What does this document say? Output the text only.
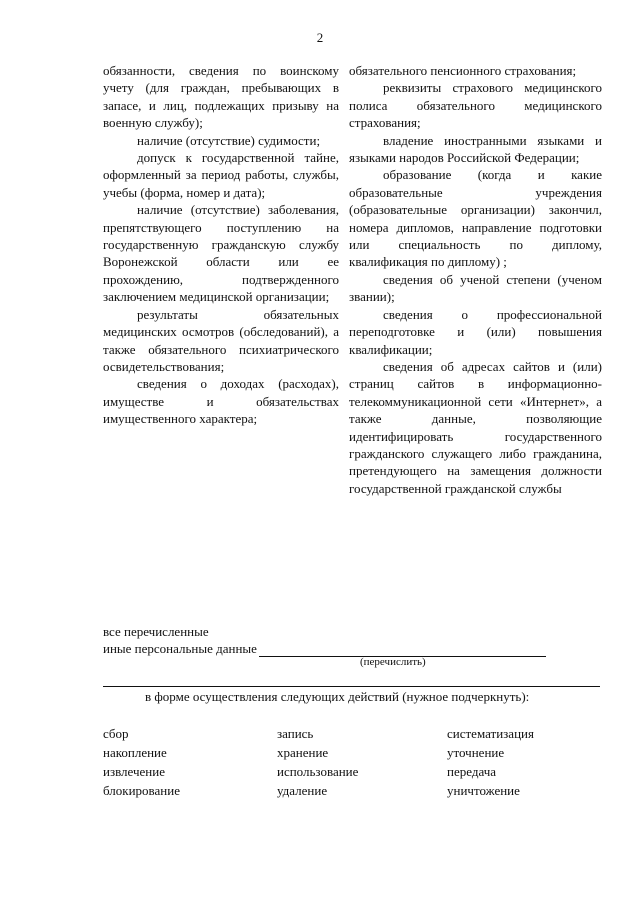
2

обязанности, сведения по воинскому учету (для граждан, пребывающих в запасе, и лиц, подлежащих призыву на военную службу);

наличие (отсутствие) судимости;

допуск к государственной тайне, оформленный за период работы, службы, учебы (форма, номер и дата);

наличие (отсутствие) заболевания, препятствующего поступлению на государственную гражданскую службу Воронежской области или ее прохождению, подтвержденного заключением медицинской организации;

результаты обязательных медицинских осмотров (обследований), а также обязательного психиатрического освидетельствования;

сведения о доходах (расходах), имуществе и обязательствах имущественного характера;

обязательного пенсионного страхования;

реквизиты страхового медицинского полиса обязательного медицинского страхования;

владение иностранными языками и языками народов Российской Федерации;

образование (когда и какие образовательные учреждения (образовательные организации) закончил, номера дипломов, направление подготовки или специальность по диплому, квалификация по диплому) ;

сведения об ученой степени (ученом звании);

сведения о профессиональной переподготовке и (или) повышения квалификации;

сведения об адресах сайтов и (или) страниц сайтов в информационно-телекоммуникационной сети «Интернет», а также данные, позволяющие идентифицировать государственного гражданского служащего либо гражданина, претендующего на замещения должности государственной гражданской службы

все перечисленные
иные персональные данные
(перечислить)
в форме осуществления следующих действий (нужное подчеркнуть):
сбор
накопление
извлечение
блокирование
запись
хранение
использование
удаление
систематизация
уточнение
передача
уничтожение
